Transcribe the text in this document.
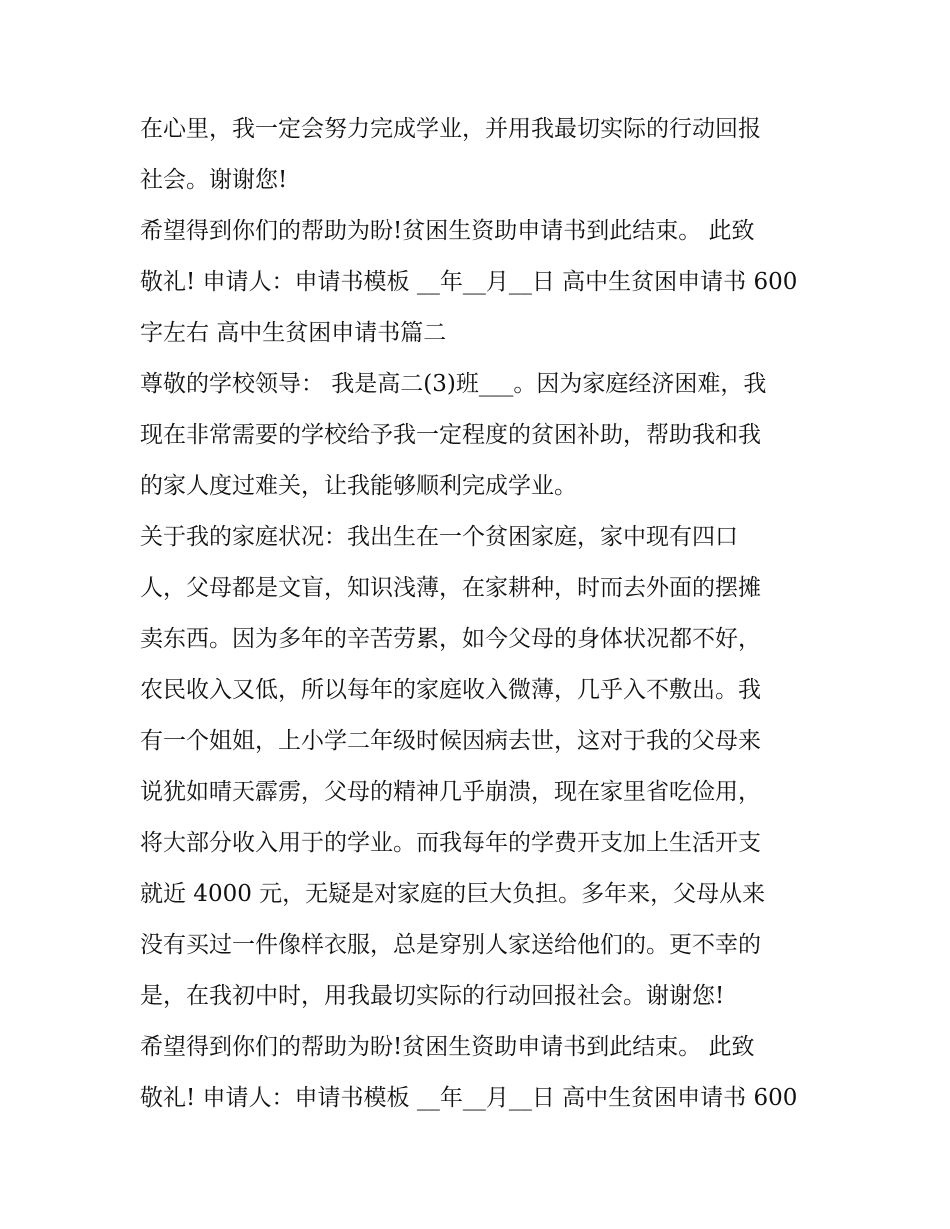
在心里，我一定会努力完成学业，并用我最切实际的行动回报
社会。谢谢您!
希望得到你们的帮助为盼!贫困生资助申请书到此结束。 此致
敬礼! 申请人：申请书模板 __年__月__日 高中生贫困申请书 600
字左右 高中生贫困申请书篇二
尊敬的学校领导： 我是高二(3)班___。因为家庭经济困难，我
现在非常需要的学校给予我一定程度的贫困补助，帮助我和我
的家人度过难关，让我能够顺利完成学业。
关于我的家庭状况：我出生在一个贫困家庭，家中现有四口
人，父母都是文盲，知识浅薄，在家耕种，时而去外面的摆摊
卖东西。因为多年的辛苦劳累，如今父母的身体状况都不好，
农民收入又低，所以每年的家庭收入微薄，几乎入不敷出。我
有一个姐姐，上小学二年级时候因病去世，这对于我的父母来
说犹如晴天霹雳，父母的精神几乎崩溃，现在家里省吃俭用，
将大部分收入用于的学业。而我每年的学费开支加上生活开支
就近 4000 元，无疑是对家庭的巨大负担。多年来，父母从来
没有买过一件像样衣服，总是穿别人家送给他们的。更不幸的
是，在我初中时，用我最切实际的行动回报社会。谢谢您!
希望得到你们的帮助为盼!贫困生资助申请书到此结束。 此致
敬礼! 申请人：申请书模板 __年__月__日 高中生贫困申请书 600
